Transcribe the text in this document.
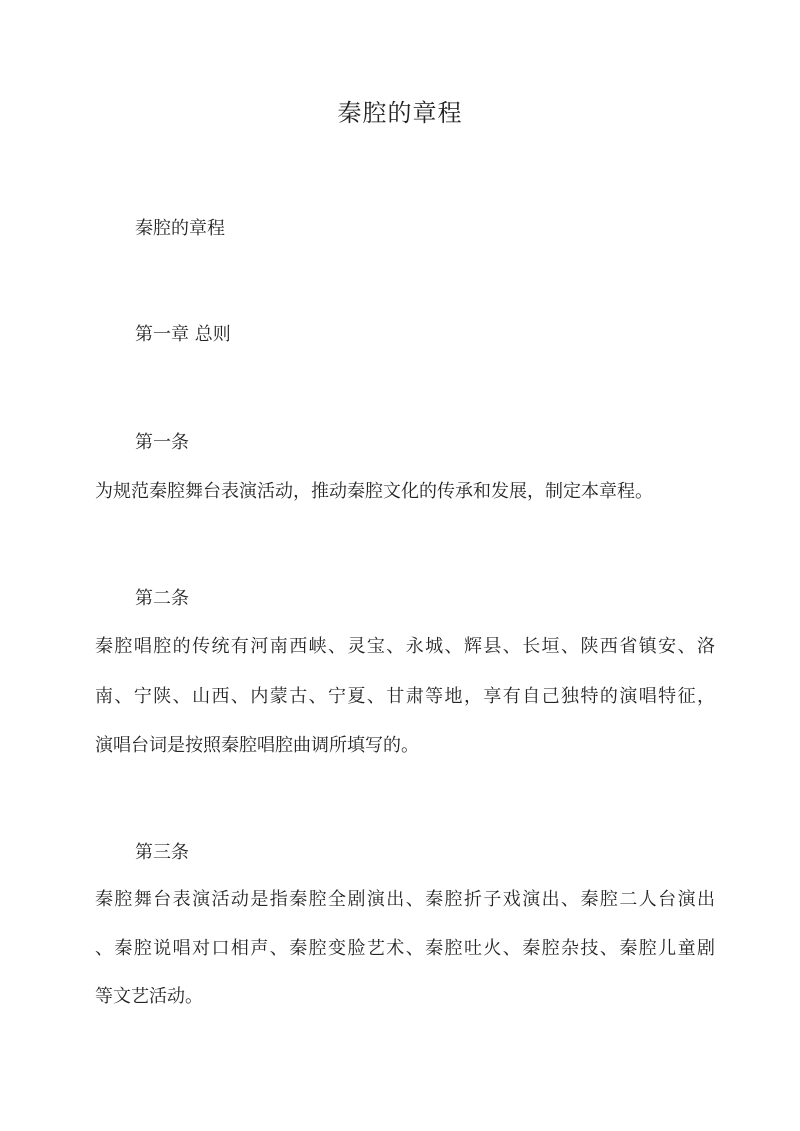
秦腔的章程
秦腔的章程
第一章 总则
第一条
为规范秦腔舞台表演活动，推动秦腔文化的传承和发展，制定本章程。
第二条
秦腔唱腔的传统有河南西峡、灵宝、永城、辉县、长垣、陕西省镇安、洛
南、宁陕、山西、内蒙古、宁夏、甘肃等地，享有自己独特的演唱特征，
演唱台词是按照秦腔唱腔曲调所填写的。
第三条
秦腔舞台表演活动是指秦腔全剧演出、秦腔折子戏演出、秦腔二人台演出
、秦腔说唱对口相声、秦腔变脸艺术、秦腔吐火、秦腔杂技、秦腔儿童剧
等文艺活动。
